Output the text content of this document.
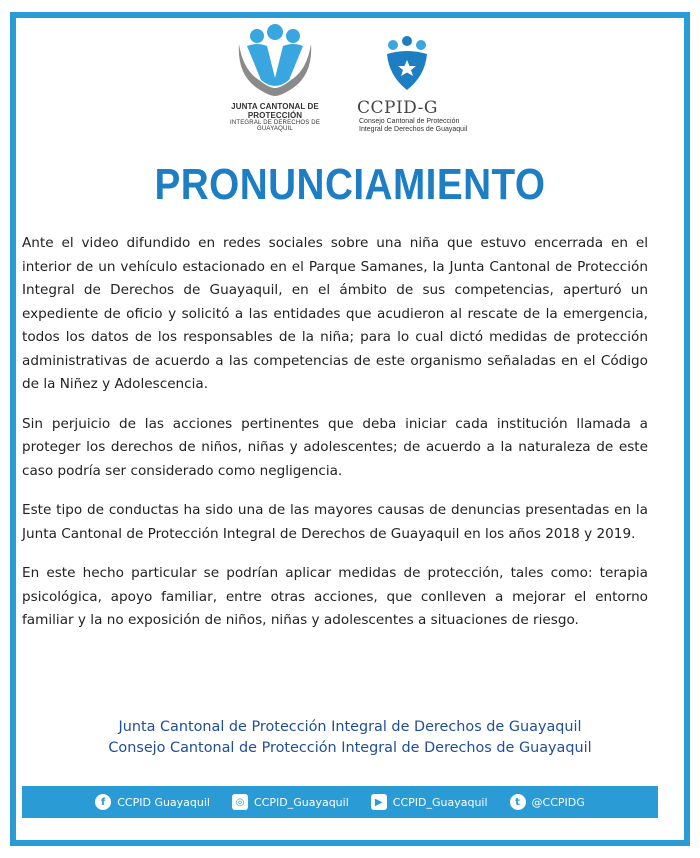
JUNTA CANTONAL DE PROTECCIÓN
INTEGRAL DE DERECHOS DE GUAYAQUIL
CCPID-G
Consejo Cantonal de Protección
Integral de Derechos de Guayaquil
PRONUNCIAMIENTO

Ante el video difundido en redes sociales sobre una niña que estuvo encerrada en el interior de un vehículo estacionado en el Parque Samanes, la Junta Cantonal de Protección Integral de Derechos de Guayaquil, en el ámbito de sus competencias, aperturó un expediente de oficio y solicitó a las entidades que acudieron al rescate de la emergencia, todos los datos de los responsables de la niña; para lo cual dictó medidas de protección administrativas de acuerdo a las competencias de este organismo señaladas en el Código de la Niñez y Adolescencia.

Sin perjuicio de las acciones pertinentes que deba iniciar cada institución llamada a proteger los derechos de niños, niñas y adolescentes; de acuerdo a la naturaleza de este caso podría ser considerado como negligencia.

Este tipo de conductas ha sido una de las mayores causas de denuncias presentadas en la Junta Cantonal de Protección Integral de Derechos de Guayaquil en los años 2018 y 2019.

En este hecho particular se podrían aplicar medidas de protección, tales como: terapia psicológica, apoyo familiar, entre otras acciones, que conlleven a mejorar el entorno familiar y la no exposición de niños, niñas y adolescentes a situaciones de riesgo.

Junta Cantonal de Protección Integral de Derechos de Guayaquil
Consejo Cantonal de Protección Integral de Derechos de Guayaquil
f	CCPID Guayaquil	◎ CCPID_Guayaquil	▶ CCPID_Guayaquil	t	@CCPIDG
